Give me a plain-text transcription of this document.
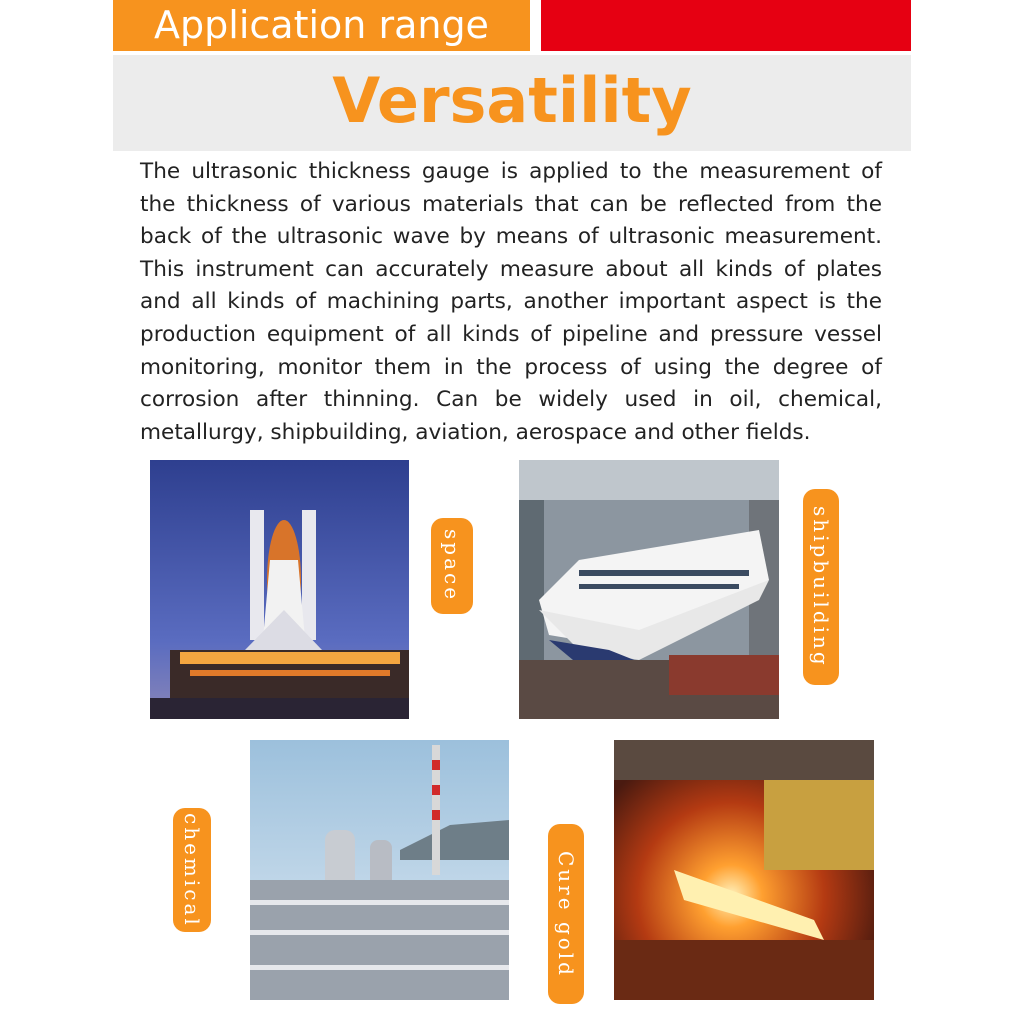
Application range
Versatility

The ultrasonic thickness gauge is applied to the measurement of the thickness of various materials that can be reflected from the back of the ultrasonic wave by means of ultrasonic measurement. This instrument can accurately measure about all kinds of plates and all kinds of machining parts, another important aspect is the production equipment of all kinds of pipeline and pressure vessel monitoring, monitor them in the process of using the degree of corrosion after thinning. Can be widely used in oil, chemical, metallurgy, shipbuilding, aviation, aerospace and other fields.

space	shipbuilding
chemical	Cure gold
